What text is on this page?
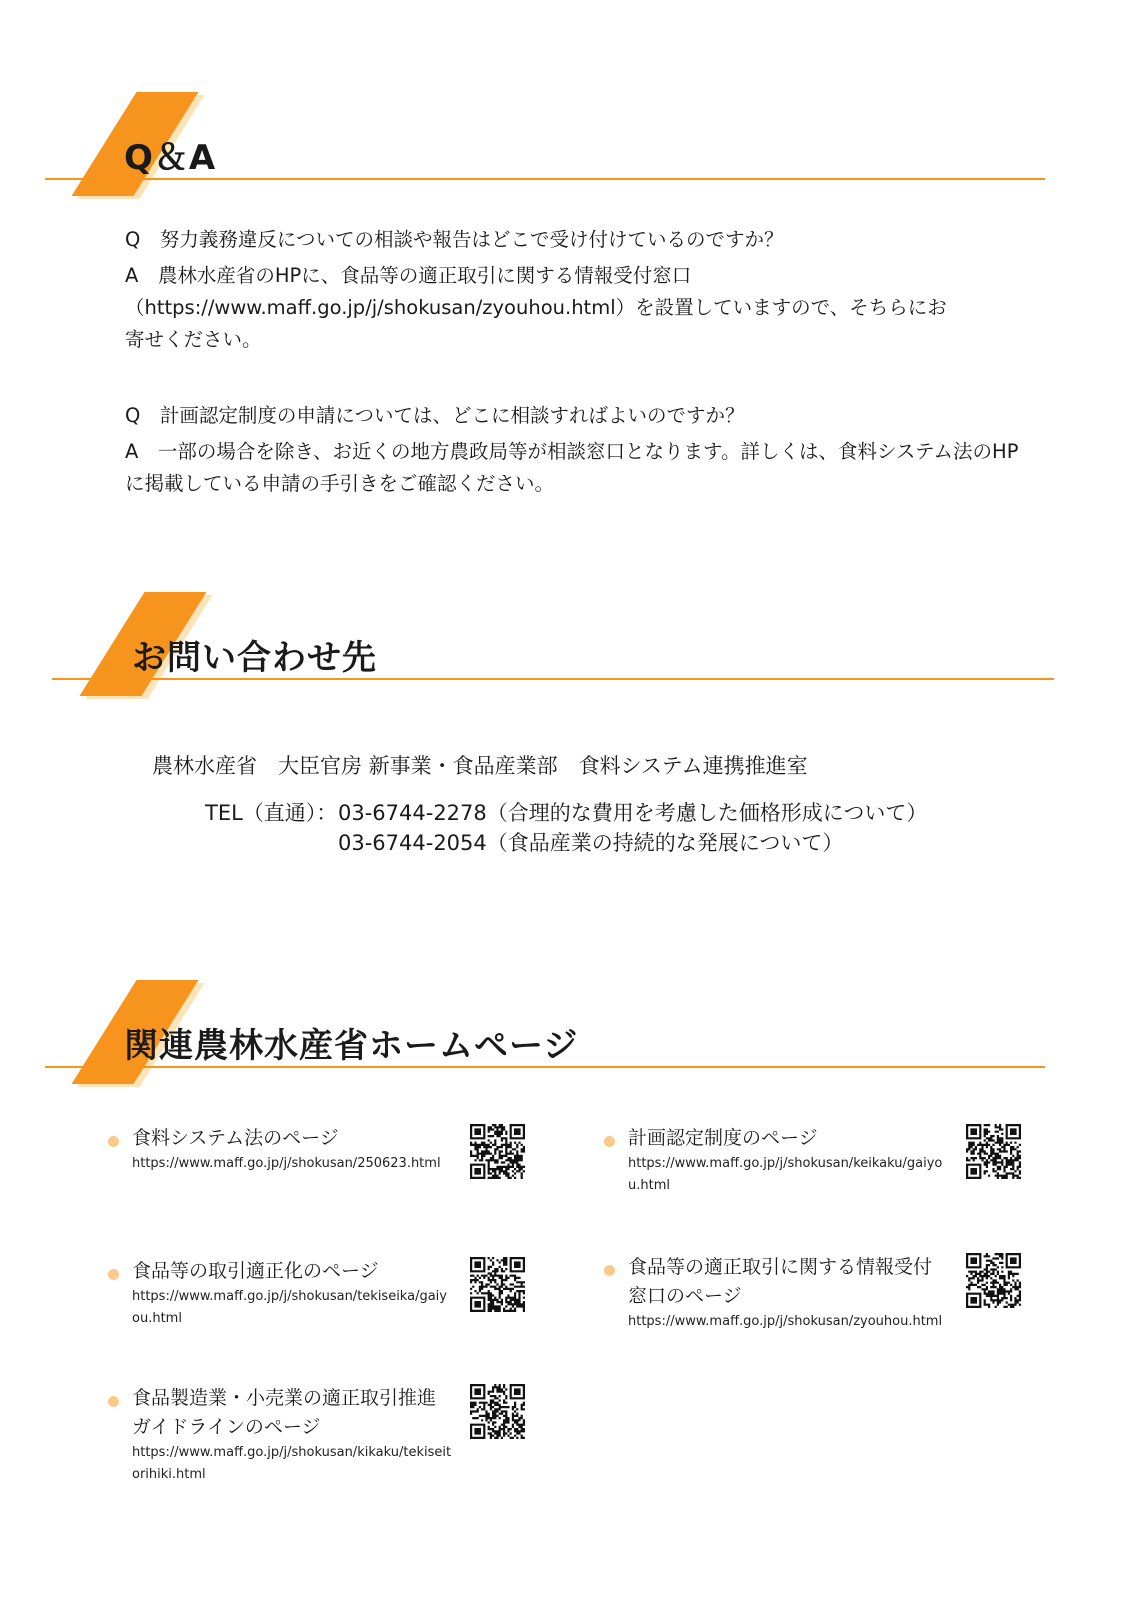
Q＆A

Q　努力義務違反についての相談や報告はどこで受け付けているのですか？

A　農林水産省のHPに、食品等の適正取引に関する情報受付窓口
（https://www.maff.go.jp/j/shokusan/zyouhou.html）を設置していますので、そちらにお
寄せください。

Q　計画認定制度の申請については、どこに相談すればよいのですか？

A　一部の場合を除き、お近くの地方農政局等が相談窓口となります。詳しくは、食料システム法のHP
に掲載している申請の手引きをご確認ください。

お問い合わせ先
農林水産省　大臣官房 新事業・食品産業部　食料システム連携推進室
TEL（直通）： 03-6744-2278（合理的な費用を考慮した価格形成について）
03-6744-2054（食品産業の持続的な発展について）
関連農林水産省ホームページ
食料システム法のページ
https://www.maff.go.jp/j/shokusan/250623.html
計画認定制度のページ
https://www.maff.go.jp/j/shokusan/keikaku/gaiyou.html
食品等の取引適正化のページ
https://www.maff.go.jp/j/shokusan/tekiseika/gaiyou.html
食品等の適正取引に関する情報受付
窓口のページ
https://www.maff.go.jp/j/shokusan/zyouhou.html
食品製造業・小売業の適正取引推進
ガイドラインのページ
https://www.maff.go.jp/j/shokusan/kikaku/tekiseitorihiki.html
